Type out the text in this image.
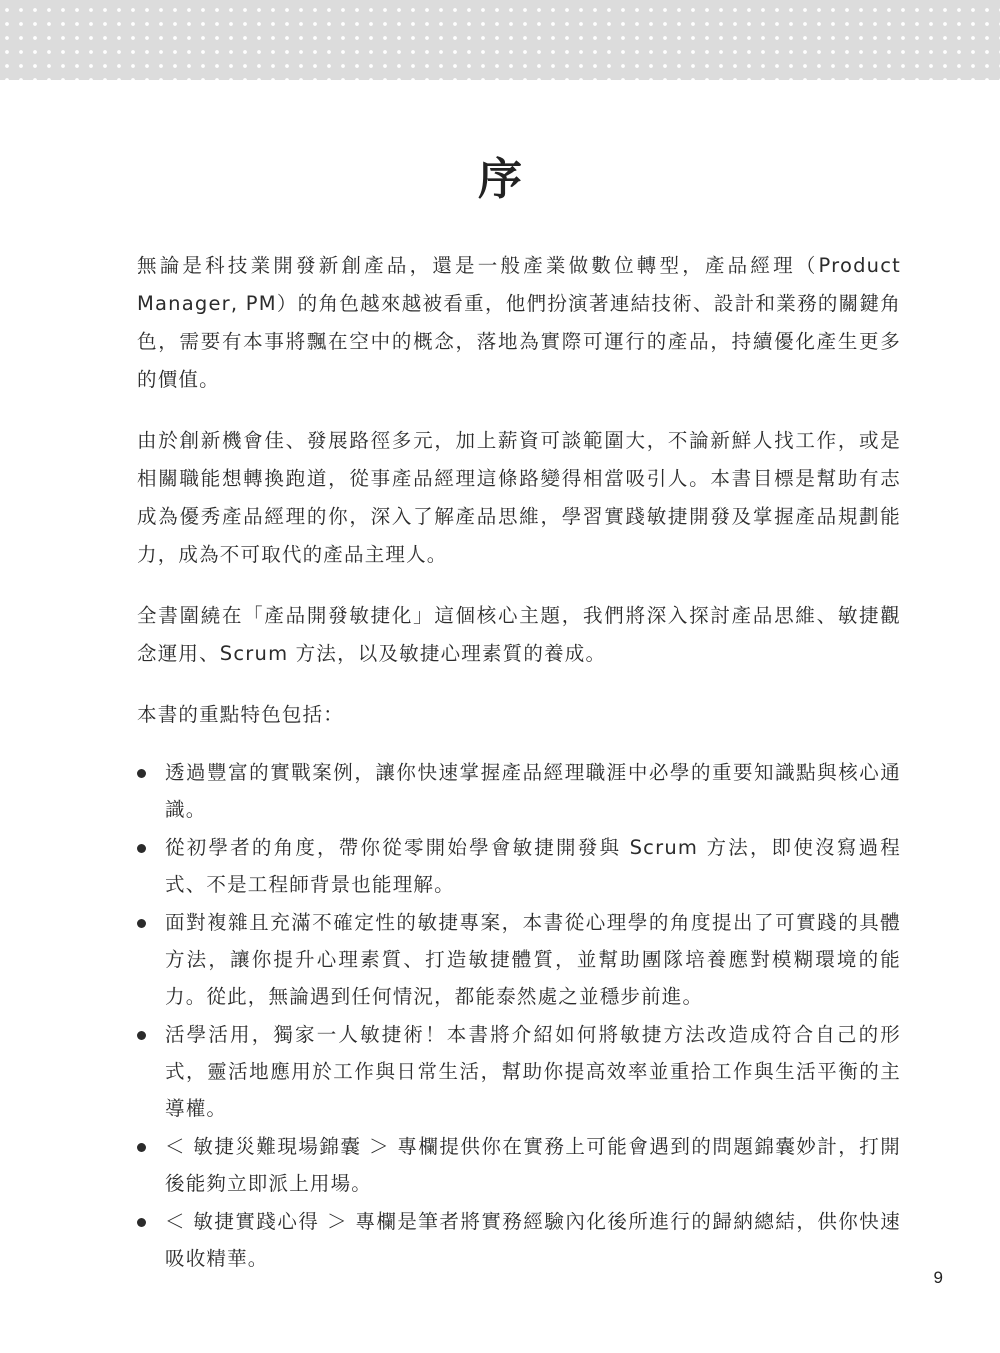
序

無論是科技業開發新創產品，還是一般產業做數位轉型，產品經理（Product Manager, PM）的角色越來越被看重，他們扮演著連結技術、設計和業務的關鍵角色，需要有本事將飄在空中的概念，落地為實際可運行的產品，持續優化產生更多的價值。

由於創新機會佳、發展路徑多元，加上薪資可談範圍大，不論新鮮人找工作，或是相關職能想轉換跑道，從事產品經理這條路變得相當吸引人。本書目標是幫助有志成為優秀產品經理的你，深入了解產品思維，學習實踐敏捷開發及掌握產品規劃能力，成為不可取代的產品主理人。

全書圍繞在「產品開發敏捷化」這個核心主題，我們將深入探討產品思維、敏捷觀念運用、Scrum 方法，以及敏捷心理素質的養成。

本書的重點特色包括：

透過豐富的實戰案例，讓你快速掌握產品經理職涯中必學的重要知識點與核心通識。
從初學者的角度，帶你從零開始學會敏捷開發與 Scrum 方法，即使沒寫過程式、不是工程師背景也能理解。
面對複雜且充滿不確定性的敏捷專案，本書從心理學的角度提出了可實踐的具體方法，讓你提升心理素質、打造敏捷體質，並幫助團隊培養應對模糊環境的能力。從此，無論遇到任何情況，都能泰然處之並穩步前進。
活學活用，獨家一人敏捷術！本書將介紹如何將敏捷方法改造成符合自己的形式，靈活地應用於工作與日常生活，幫助你提高效率並重拾工作與生活平衡的主導權。
＜ 敏捷災難現場錦囊 ＞ 專欄提供你在實務上可能會遇到的問題錦囊妙計，打開後能夠立即派上用場。
＜ 敏捷實踐心得 ＞ 專欄是筆者將實務經驗內化後所進行的歸納總結，供你快速吸收精華。
9
